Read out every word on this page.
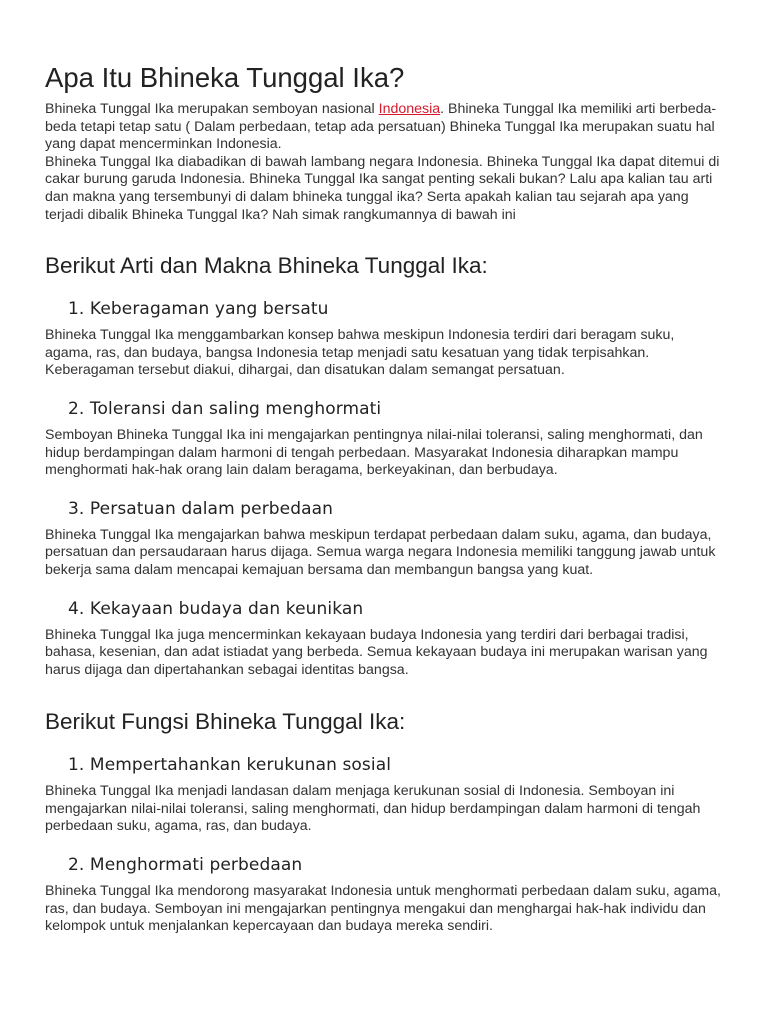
Apa Itu Bhineka Tunggal Ika?

Bhineka Tunggal Ika merupakan semboyan nasional Indonesia. Bhineka Tunggal Ika memiliki arti berbeda-beda tetapi tetap satu ( Dalam perbedaan, tetap ada persatuan) Bhineka Tunggal Ika merupakan suatu hal yang dapat mencerminkan Indonesia.

Bhineka Tunggal Ika diabadikan di bawah lambang negara Indonesia. Bhineka Tunggal Ika dapat ditemui di cakar burung garuda Indonesia. Bhineka Tunggal Ika sangat penting sekali bukan? Lalu apa kalian tau arti dan makna yang tersembunyi di dalam bhineka tunggal ika? Serta apakah kalian tau sejarah apa yang terjadi dibalik Bhineka Tunggal Ika? Nah simak rangkumannya di bawah ini

Berikut Arti dan Makna Bhineka Tunggal Ika:
1. Keberagaman yang bersatu

Bhineka Tunggal Ika menggambarkan konsep bahwa meskipun Indonesia terdiri dari beragam suku, agama, ras, dan budaya, bangsa Indonesia tetap menjadi satu kesatuan yang tidak terpisahkan. Keberagaman tersebut diakui, dihargai, dan disatukan dalam semangat persatuan.

2. Toleransi dan saling menghormati

Semboyan Bhineka Tunggal Ika ini mengajarkan pentingnya nilai-nilai toleransi, saling menghormati, dan hidup berdampingan dalam harmoni di tengah perbedaan. Masyarakat Indonesia diharapkan mampu menghormati hak-hak orang lain dalam beragama, berkeyakinan, dan berbudaya.

3. Persatuan dalam perbedaan

Bhineka Tunggal Ika mengajarkan bahwa meskipun terdapat perbedaan dalam suku, agama, dan budaya, persatuan dan persaudaraan harus dijaga. Semua warga negara Indonesia memiliki tanggung jawab untuk bekerja sama dalam mencapai kemajuan bersama dan membangun bangsa yang kuat.

4. Kekayaan budaya dan keunikan

Bhineka Tunggal Ika juga mencerminkan kekayaan budaya Indonesia yang terdiri dari berbagai tradisi, bahasa, kesenian, dan adat istiadat yang berbeda. Semua kekayaan budaya ini merupakan warisan yang harus dijaga dan dipertahankan sebagai identitas bangsa.

Berikut Fungsi Bhineka Tunggal Ika:
1. Mempertahankan kerukunan sosial

Bhineka Tunggal Ika menjadi landasan dalam menjaga kerukunan sosial di Indonesia. Semboyan ini mengajarkan nilai-nilai toleransi, saling menghormati, dan hidup berdampingan dalam harmoni di tengah perbedaan suku, agama, ras, dan budaya.

2. Menghormati perbedaan

Bhineka Tunggal Ika mendorong masyarakat Indonesia untuk menghormati perbedaan dalam suku, agama, ras, dan budaya. Semboyan ini mengajarkan pentingnya mengakui dan menghargai hak-hak individu dan kelompok untuk menjalankan kepercayaan dan budaya mereka sendiri.
